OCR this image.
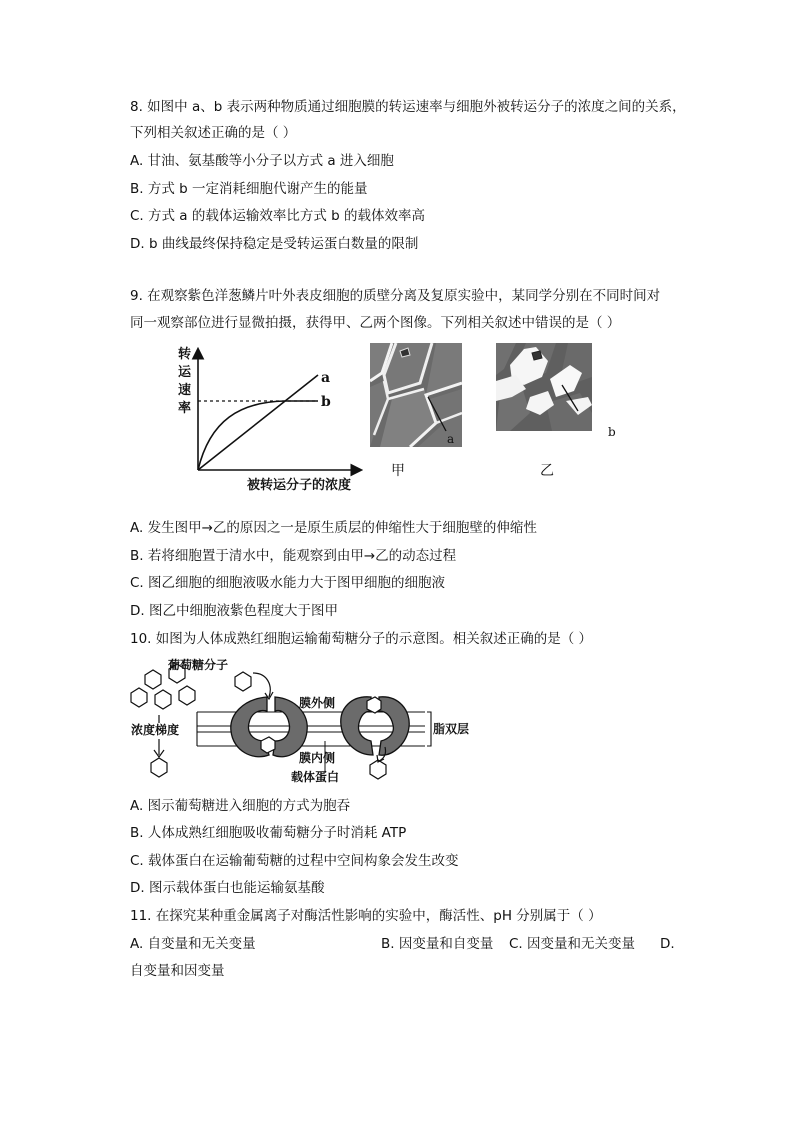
8. 如图中 a、b 表示两种物质通过细胞膜的转运速率与细胞外被转运分子的浓度之间的关系，
下列相关叙述正确的是（ ）
A. 甘油、氨基酸等小分子以方式 a 进入细胞
B. 方式 b 一定消耗细胞代谢产生的能量
C. 方式 a 的载体运输效率比方式 b 的载体效率高
D. b 曲线最终保持稳定是受转运蛋白数量的限制
9. 在观察紫色洋葱鳞片叶外表皮细胞的质壁分离及复原实验中，某同学分别在不同时间对
同一观察部位进行显微拍摄，获得甲、乙两个图像。下列相关叙述中错误的是（ ）
转
运
速
率
a
b
被转运分子的浓度
a
甲
b
乙
A. 发生图甲→乙的原因之一是原生质层的伸缩性大于细胞壁的伸缩性
B. 若将细胞置于清水中，能观察到由甲→乙的动态过程
C. 图乙细胞的细胞液吸水能力大于图甲细胞的细胞液
D. 图乙中细胞液紫色程度大于图甲
10. 如图为人体成熟红细胞运输葡萄糖分子的示意图。相关叙述正确的是（ ）
葡萄糖分子
浓度梯度
膜外侧
膜内侧
脂双层
载体蛋白
A. 图示葡萄糖进入细胞的方式为胞吞
B. 人体成熟红细胞吸收葡萄糖分子时消耗 ATP
C. 载体蛋白在运输葡萄糖的过程中空间构象会发生改变
D. 图示载体蛋白也能运输氨基酸
11. 在探究某种重金属离子对酶活性影响的实验中，酶活性、pH 分别属于（ ）
A. 自变量和无关变量	B. 因变量和自变量 C. 因变量和无关变量 D.
自变量和因变量
